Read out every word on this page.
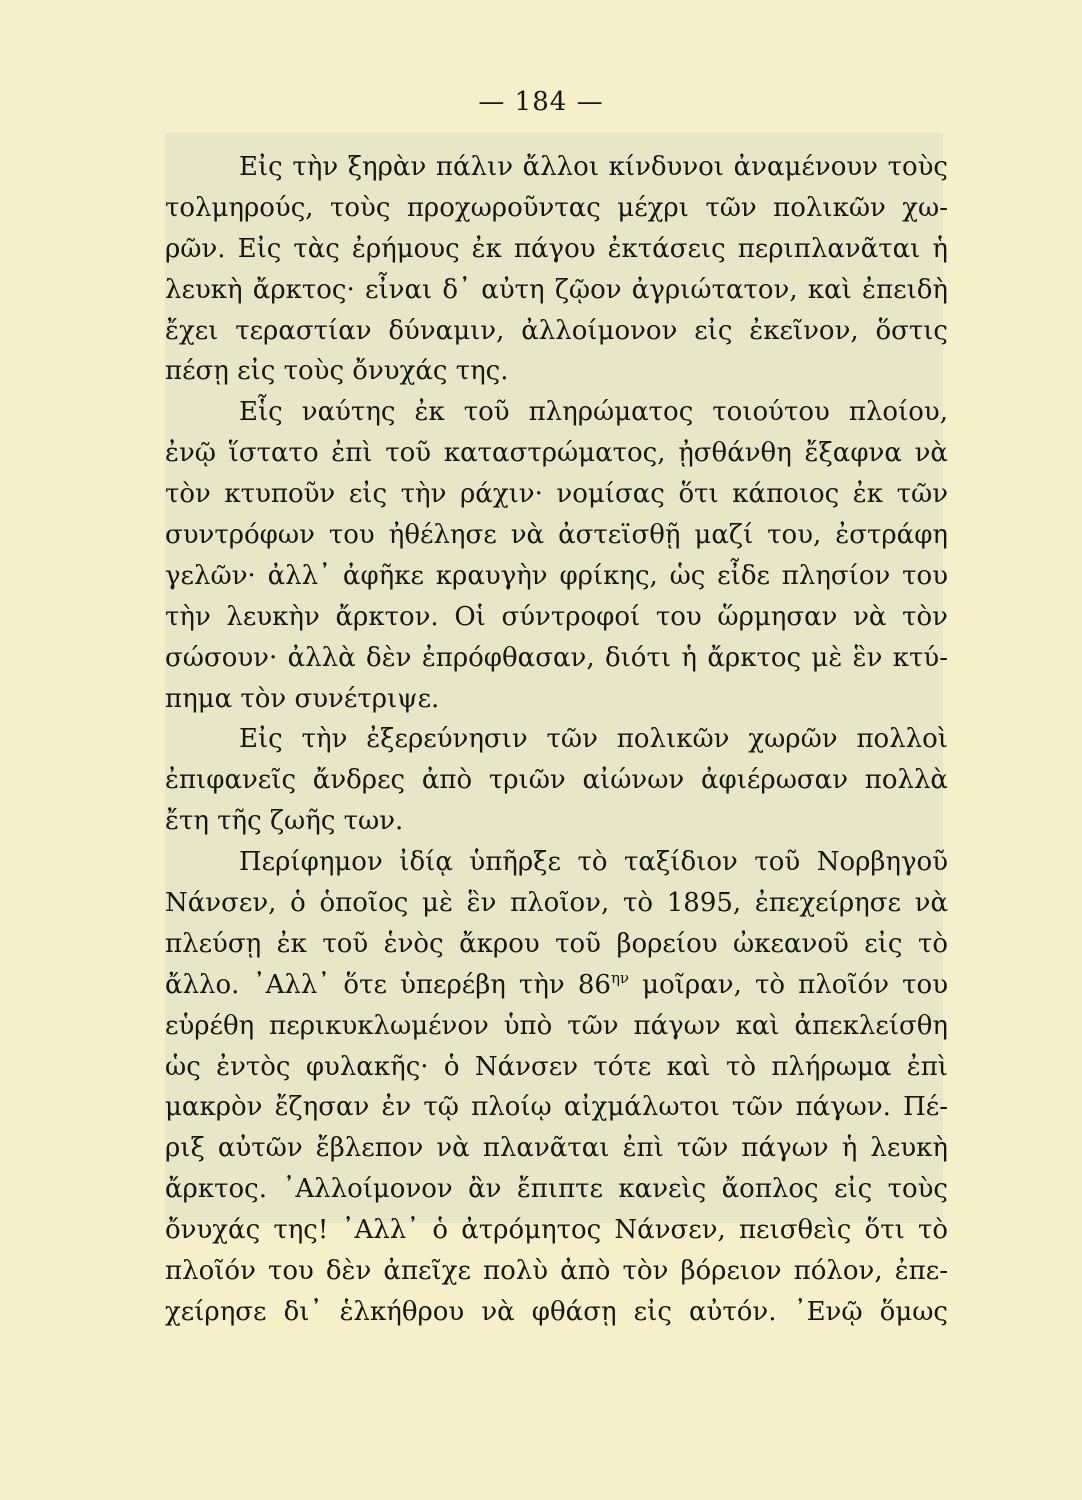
— 184 —
Εἰς τὴν ξηρὰν πάλιν ἄλλοι κίνδυνοι ἀναμένουν τοὺς
τολμηρούς, τοὺς προχωροῦντας μέχρι τῶν πολικῶν χω-
ρῶν. Εἰς τὰς ἐρήμους ἐκ πάγου ἐκτάσεις περιπλανᾶται ἡ
λευκὴ ἄρκτος· εἶναι δ᾿ αὐτη ζῷον ἀγριώτατον, καὶ ἐπειδὴ
ἔχει τεραστίαν δύναμιν, ἀλλοίμονον εἰς ἐκεῖνον, ὅστις
πέσῃ εἰς τοὺς ὄνυχάς της.
Εἷς ναύτης ἐκ τοῦ πληρώματος τοιούτου πλοίου,
ἐνῷ ἵστατο ἐπὶ τοῦ καταστρώματος, ᾐσθάνθη ἔξαφνα νὰ
τὸν κτυποῦν εἰς τὴν ράχιν· νομίσας ὅτι κάποιος ἐκ τῶν
συντρόφων του ἠθέλησε νὰ ἀστεϊσθῇ μαζί του, ἐστράφη
γελῶν· ἀλλ᾿ ἀφῆκε κραυγὴν φρίκης, ὡς εἶδε πλησίον του
τὴν λευκὴν ἄρκτον. Οἱ σύντροφοί του ὥρμησαν νὰ τὸν
σώσουν· ἀλλὰ δὲν ἐπρόφθασαν, διότι ἡ ἄρκτος μὲ ἓν κτύ-
πημα τὸν συνέτριψε.
Εἰς τὴν ἐξερεύνησιν τῶν πολικῶν χωρῶν πολλοὶ
ἐπιφανεῖς ἄνδρες ἀπὸ τριῶν αἰώνων ἀφιέρωσαν πολλὰ
ἔτη τῆς ζωῆς των.
Περίφημον ἰδίᾳ ὑπῆρξε τὸ ταξίδιον τοῦ Νορβηγοῦ
Νάνσεν, ὁ ὁποῖος μὲ ἓν πλοῖον, τὸ 1895, ἐπεχείρησε νὰ
πλεύσῃ ἐκ τοῦ ἑνὸς ἄκρου τοῦ βορείου ὠκεανοῦ εἰς τὸ
ἄλλο. ᾿Αλλ᾿ ὅτε ὑπερέβη τὴν $86^{\eta\nu}$ μοῖραν, τὸ πλοῖόν του
εὑρέθη περικυκλωμένον ὑπὸ τῶν πάγων καὶ ἀπεκλείσθη
ὡς ἐντὸς φυλακῆς· ὁ Νάνσεν τότε καὶ τὸ πλήρωμα ἐπὶ
μακρὸν ἔζησαν ἐν τῷ πλοίῳ αἰχμάλωτοι τῶν πάγων. Πέ-
ριξ αὐτῶν ἔβλεπον νὰ πλανᾶται ἐπὶ τῶν πάγων ἡ λευκὴ
ἄρκτος. ᾿Αλλοίμονον ἂν ἔπιπτε κανεὶς ἄοπλος εἰς τοὺς
ὄνυχάς της! ᾿Αλλ᾿ ὁ ἀτρόμητος Νάνσεν, πεισθεὶς ὅτι τὸ
πλοῖόν του δὲν ἀπεῖχε πολὺ ἀπὸ τὸν βόρειον πόλον, ἐπε-
χείρησε δι᾿ ἑλκήθρου νὰ φθάσῃ εἰς αὐτόν. ᾿Ενῷ ὅμως
